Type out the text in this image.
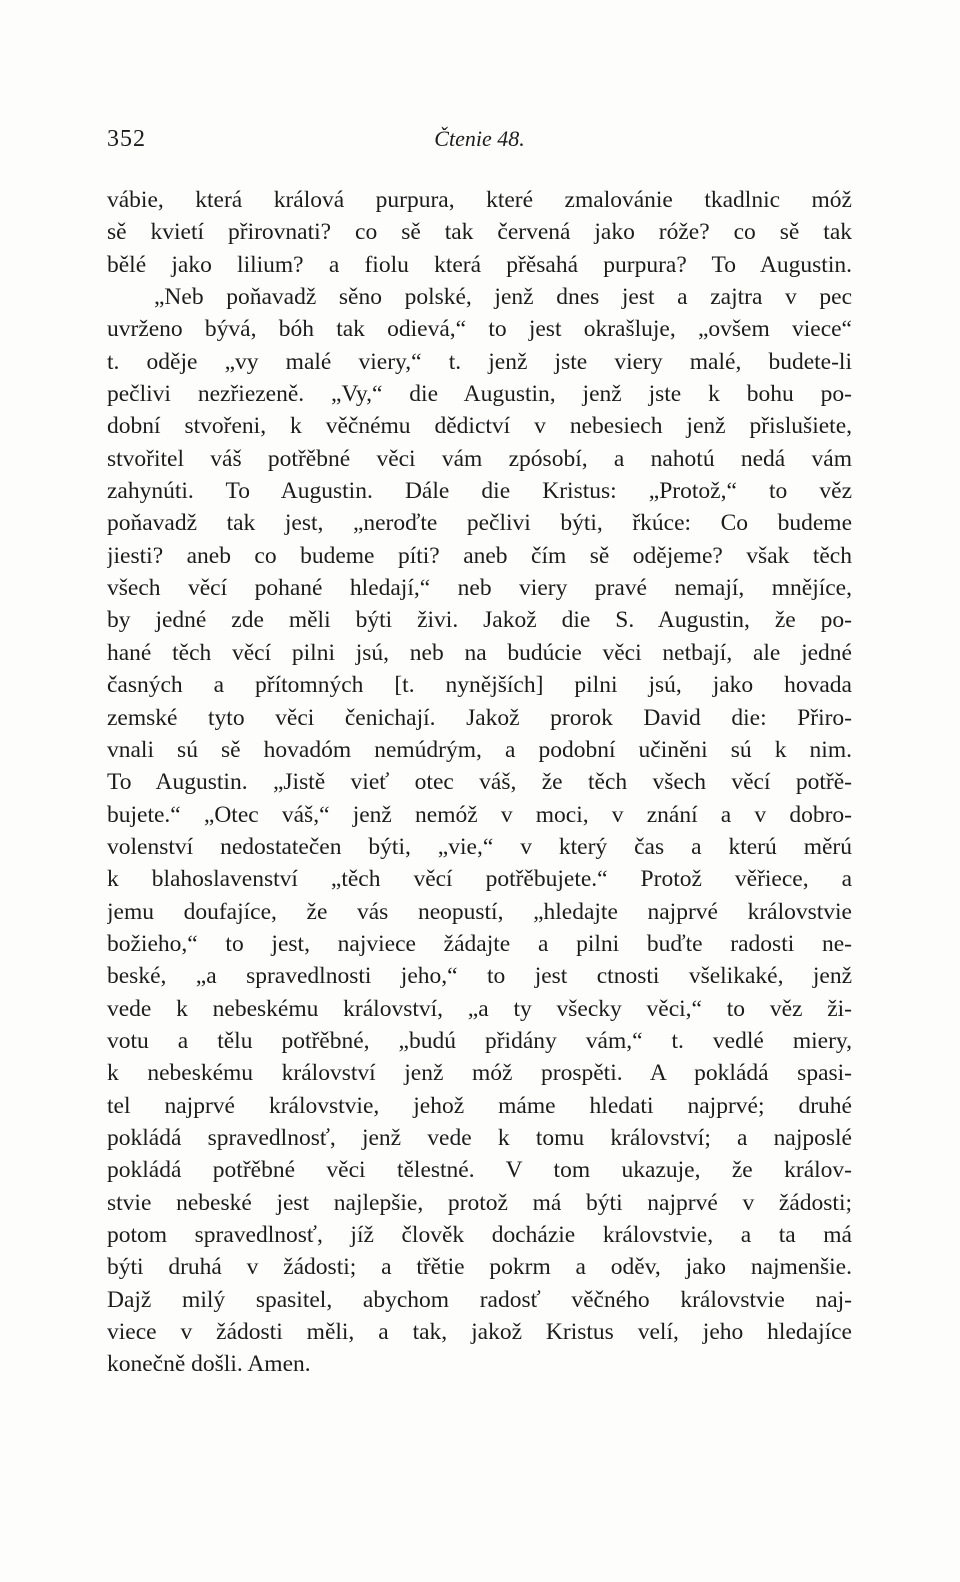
352	Čtenie 48.
vábie, která králová purpura, které zmalovánie tkadlnic móž
sě kvietí přirovnati? co sě tak červená jako róže? co sě tak
bělé jako lilium? a fiolu která přěsahá purpura? To Augustin.
„Neb poňavadž sěno polské, jenž dnes jest a zajtra v pec
uvrženo bývá, bóh tak odievá,“ to jest okrašluje, „ovšem viece“
t. oděje „vy malé viery,“ t. jenž jste viery malé, budete-li
pečlivi nezřiezeně. „Vy,“ die Augustin, jenž jste k bohu po-
dobní stvořeni, k věčnému dědictví v nebesiech jenž přislušiete,
stvořitel váš potřěbné věci vám zpósobí, a nahotú nedá vám
zahynúti. To Augustin. Dále die Kristus: „Protož,“ to věz
poňavadž tak jest, „neroďte pečlivi býti, řkúce: Co budeme
jiesti? aneb co budeme píti? aneb čím sě odějeme? však těch
všech věcí pohané hledají,“ neb viery pravé nemají, mnějíce,
by jedné zde měli býti živi. Jakož die S. Augustin, že po-
hané těch věcí pilni jsú, neb na budúcie věci netbají, ale jedné
časných a přítomných [t. nynějších] pilni jsú, jako hovada
zemské tyto věci čenichají. Jakož prorok David die: Přiro-
vnali sú sě hovadóm nemúdrým, a podobní učiněni sú k nim.
To Augustin. „Jistě vieť otec váš, že těch všech věcí potřě-
bujete.“ „Otec váš,“ jenž nemóž v moci, v znání a v dobro-
volenství nedostatečen býti, „vie,“ v který čas a kterú měrú
k blahoslavenství „těch věcí potřěbujete.“ Protož věřiece, a
jemu doufajíce, že vás neopustí, „hledajte najprvé královstvie
božieho,“ to jest, najviece žádajte a pilni buďte radosti ne-
beské, „a spravedlnosti jeho,“ to jest ctnosti všelikaké, jenž
vede k nebeskému království, „a ty všecky věci,“ to věz ži-
votu a tělu potřěbné, „budú přidány vám,“ t. vedlé miery,
k nebeskému království jenž móž prospěti. A pokládá spasi-
tel najprvé královstvie, jehož máme hledati najprvé; druhé
pokládá spravedlnosť, jenž vede k tomu království; a najposlé
pokládá potřěbné věci tělestné. V tom ukazuje, že králov-
stvie nebeské jest najlepšie, protož má býti najprvé v žádosti;
potom spravedlnosť, jíž člověk docházie královstvie, a ta má
býti druhá v žádosti; a třětie pokrm a oděv, jako najmenšie.
Dajž milý spasitel, abychom radosť věčného královstvie naj-
viece v žádosti měli, a tak, jakož Kristus velí, jeho hledajíce
konečně došli. Amen.
